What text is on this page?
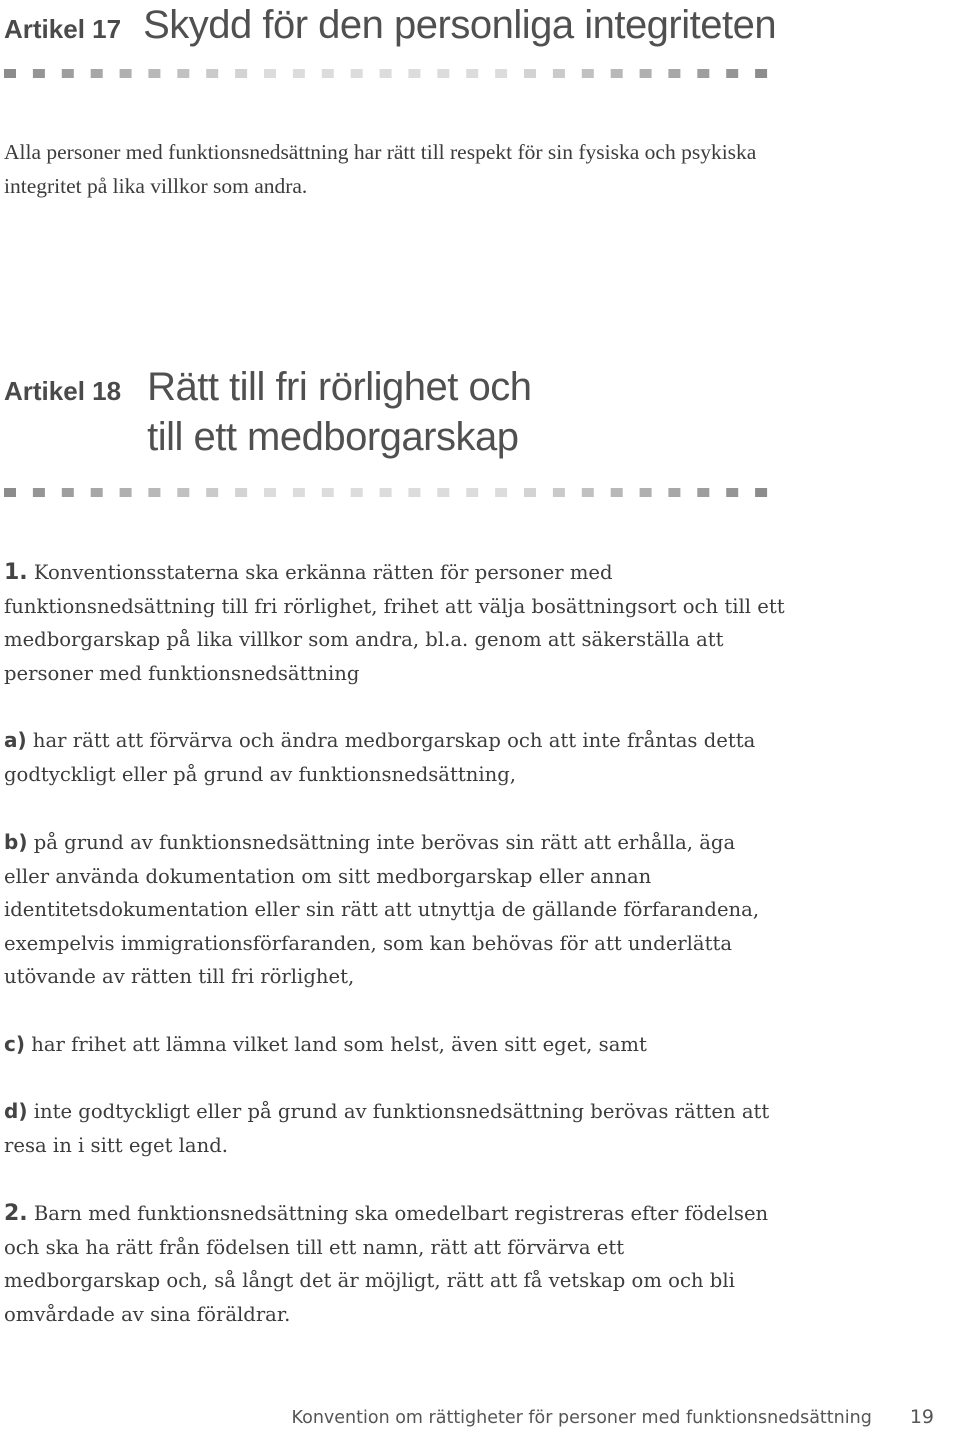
Artikel 17 Skydd för den personliga integriteten
Alla personer med funktionsnedsättning har rätt till respekt för sin fysiska och psykiska integritet på lika villkor som andra.
Artikel 18 Rätt till fri rörlighet och
till ett medborgarskap
1. Konventionsstaterna ska erkänna rätten för personer med funktionsnedsättning till fri rörlighet, frihet att välja bosättningsort och till ett medborgarskap på lika villkor som andra, bl.a. genom att säkerställa att personer med funktionsnedsättning
a) har rätt att förvärva och ändra medborgarskap och att inte fråntas detta godtyckligt eller på grund av funktionsnedsättning,
b) på grund av funktionsnedsättning inte berövas sin rätt att erhålla, äga eller använda dokumentation om sitt medborgarskap eller annan identitetsdokumentation eller sin rätt att utnyttja de gällande förfarandena, exempelvis immigrationsförfaranden, som kan behövas för att underlätta utövande av rätten till fri rörlighet,
c) har frihet att lämna vilket land som helst, även sitt eget, samt
d) inte godtyckligt eller på grund av funktionsnedsättning berövas rätten att resa in i sitt eget land.
2. Barn med funktionsnedsättning ska omedelbart registreras efter födelsen och ska ha rätt från födelsen till ett namn, rätt att förvärva ett medborgarskap och, så långt det är möjligt, rätt att få vetskap om och bli omvårdade av sina föräldrar.
Konvention om rättigheter för personer med funktionsnedsättning 19
